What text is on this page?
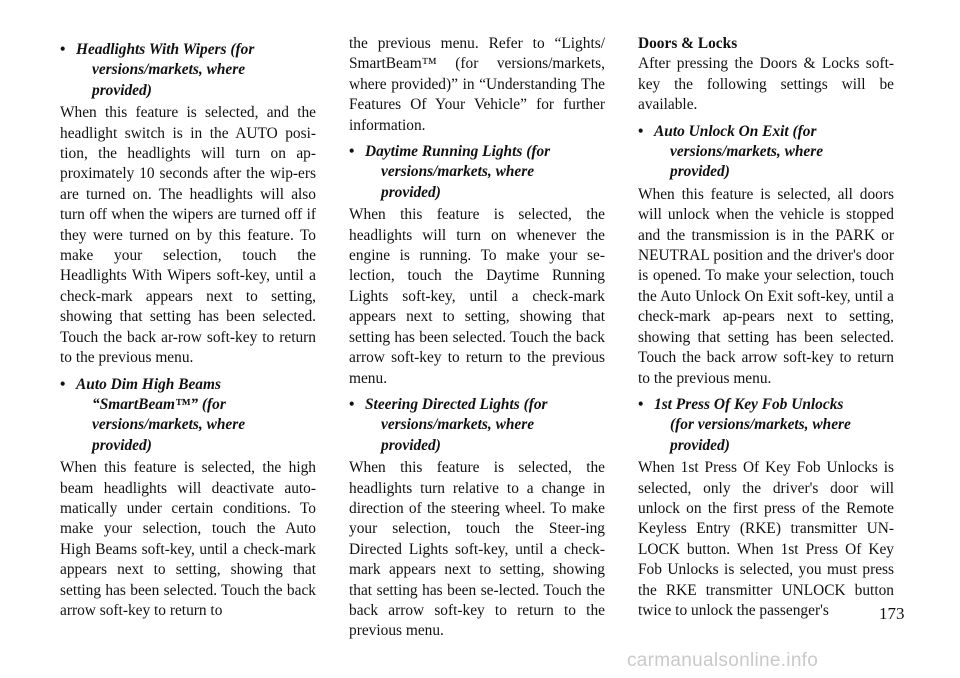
• Headlights With Wipers (for
versions/markets, where
provided)

When this feature is selected, and the headlight switch is in the AUTO posi-tion, the headlights will turn on ap-proximately 10 seconds after the wip-ers are turned on. The headlights will also turn off when the wipers are turned off if they were turned on by this feature. To make your selection, touch the Headlights With Wipers soft-key, until a check-mark appears next to setting, showing that setting has been selected. Touch the back ar-row soft-key to return to the previous menu.

• Auto Dim High Beams
“SmartBeam™” (for
versions/markets, where
provided)

When this feature is selected, the high beam headlights will deactivate auto-matically under certain conditions. To make your selection, touch the Auto High Beams soft-key, until a check-mark appears next to setting, showing that setting has been selected. Touch the back arrow soft-key to return to

the previous menu. Refer to “Lights/ SmartBeam™ (for versions/markets, where provided)” in “Understanding The Features Of Your Vehicle” for further information.

• Daytime Running Lights (for
versions/markets, where
provided)

When this feature is selected, the headlights will turn on whenever the engine is running. To make your se-lection, touch the Daytime Running Lights soft-key, until a check-mark appears next to setting, showing that setting has been selected. Touch the back arrow soft-key to return to the previous menu.

• Steering Directed Lights (for
versions/markets, where
provided)

When this feature is selected, the headlights turn relative to a change in direction of the steering wheel. To make your selection, touch the Steer-ing Directed Lights soft-key, until a check-mark appears next to setting, showing that setting has been se-lected. Touch the back arrow soft-key to return to the previous menu.

Doors & Locks

After pressing the Doors & Locks soft-key the following settings will be available.

• Auto Unlock On Exit (for
versions/markets, where
provided)

When this feature is selected, all doors will unlock when the vehicle is stopped and the transmission is in the PARK or NEUTRAL position and the driver's door is opened. To make your selection, touch the Auto Unlock On Exit soft-key, until a check-mark ap-pears next to setting, showing that setting has been selected. Touch the back arrow soft-key to return to the previous menu.

• 1st Press Of Key Fob Unlocks
(for versions/markets, where
provided)

When 1st Press Of Key Fob Unlocks is selected, only the driver's door will unlock on the first press of the Remote Keyless Entry (RKE) transmitter UN-LOCK button. When 1st Press Of Key Fob Unlocks is selected, you must press the RKE transmitter UNLOCK button twice to unlock the passenger's	173
carmanualsonline.info
